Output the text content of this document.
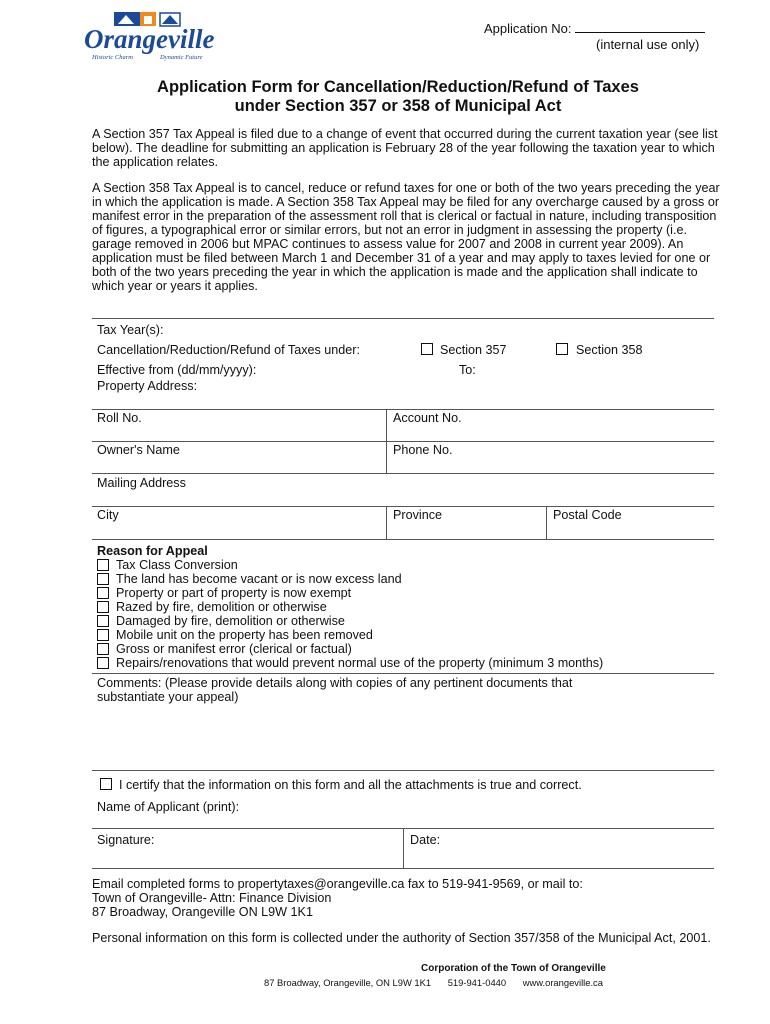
Orangeville
Historic Charm	Dynamic Future
Application No:
(internal use only)
Application Form for Cancellation/Reduction/Refund of Taxes
under Section 357 or 358 of Municipal Act

A Section 357 Tax Appeal is filed due to a change of event that occurred during the current taxation year (see list below). The deadline for submitting an application is February 28 of the year following the taxation year to which the application relates.

A Section 358 Tax Appeal is to cancel, reduce or refund taxes for one or both of the two years preceding the year in which the application is made. A Section 358 Tax Appeal may be filed for any overcharge caused by a gross or manifest error in the preparation of the assessment roll that is clerical or factual in nature, including transposition of figures, a typographical error or similar errors, but not an error in judgment in assessing the property (i.e. garage removed in 2006 but MPAC continues to assess value for 2007 and 2008 in current year 2009). An application must be filed between March 1 and December 31 of a year and may apply to taxes levied for one or both of the two years preceding the year in which the application is made and the application shall indicate to which year or years it applies.

Tax Year(s):
Cancellation/Reduction/Refund of Taxes under:	Section 357	Section 358
Effective from (dd/mm/yyyy):	To:
Property Address:
Roll No.	Account No.
Owner's Name	Phone No.
Mailing Address
City	Province	Postal Code
Reason for Appeal
Tax Class Conversion
The land has become vacant or is now excess land
Property or part of property is now exempt
Razed by fire, demolition or otherwise
Damaged by fire, demolition or otherwise
Mobile unit on the property has been removed
Gross or manifest error (clerical or factual)
Repairs/renovations that would prevent normal use of the property (minimum 3 months)
Comments: (Please provide details along with copies of any pertinent documents that
substantiate your appeal)
I certify that the information on this form and all the attachments is true and correct.
Name of Applicant (print):
Signature:	Date:
Email completed forms to propertytaxes@orangeville.ca fax to 519-941-9569, or mail to:
Town of Orangeville- Attn: Finance Division
87 Broadway, Orangeville ON L9W 1K1

Personal information on this form is collected under the authority of Section 357/358 of the Municipal Act, 2001.

Corporation of the Town of Orangeville
87 Broadway, Orangeville, ON L9W 1K1 519-941-0440 www.orangeville.ca
